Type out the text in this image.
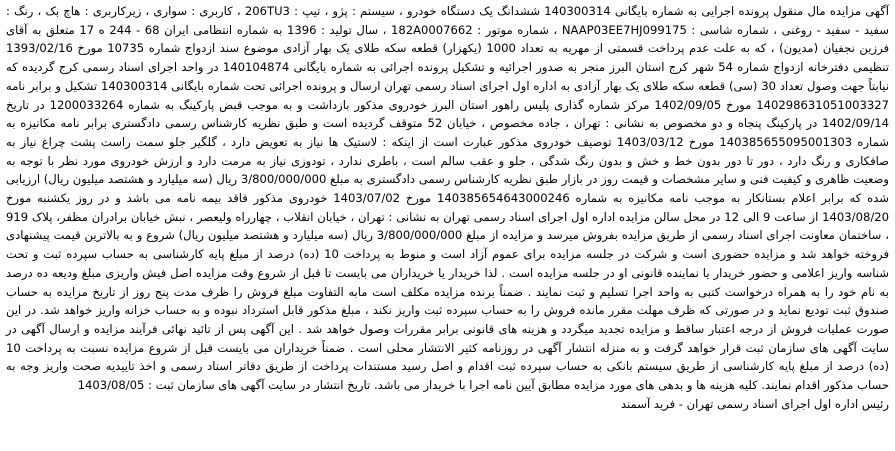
آگهی مزایده مال منقول پرونده اجرایی به شماره بایگانی 140300314 ششدانگ یک دستگاه خودرو ، سیستم : پژو ، تیپ : 206TU3 ، کاربری : سواری ، زیرکاربری : هاچ بک ، رنگ : سفید - سفید - روغنی ، شماره شاسی : NAAP03EE7HJ099175 ، شماره موتور : 182A0007662 ، سال تولید : 1396 به شماره انتظامی ایران 68 - 244 ه 17 متعلق به آقای فرزین نجفیان (مدیون) ، که به علت عدم پرداخت قسمتی از مهریه به تعداد 1000 (یکهزار) قطعه سکه طلای یک بهار آزادی موضوع سند ازدواج شماره 10735 مورخ 1393/02/16 تنظیمی دفترخانه ازدواج شماره 54 شهر کرج استان البرز منجر به صدور اجرائیه و تشکیل پرونده اجرائی به شماره بایگانی 140104874 در واحد اجرای اسناد رسمی کرج گردیده که نیابتاً جهت وصول تعداد 30 (سی) قطعه سکه طلای یک بهار آزادی به اداره اول اجرای اسناد رسمی تهران ارسال و پرونده اجرائی تحت شماره بایگانی 140300314 تشکیل و برابر نامه 140298631051003327 مورخ 1402/09/05 مرکز شماره گذاری پلیس راهور استان البرز خودروی مذکور بازداشت و به موجب قبض پارکینگ به شماره 1200033264 در تاریخ 1402/09/14 در پارکینگ پنجاه و دو مخصوص به نشانی : تهران ، جاده مخصوص ، خیابان 52 متوقف گردیده است و طبق نظریه کارشناس رسمی دادگستری برابر نامه مکانیزه به شماره 140385655095001303 مورخ 1403/03/12 توصیف خودروی مذکور عبارت است از اینکه : لاستیک ها نیاز به تعویض دارد ، گلگیر جلو سمت راست پشت چراغ نیاز به صافکاری و رنگ دارد ، دور تا دور بدون خط و خش و بدون رنگ شدگی ، جلو و عقب سالم است ، باطری ندارد ، تودوزی نیاز به مرمت دارد و ارزش خودروی مورد نظر با توجه به وضعیت ظاهری و کیفیت فنی و سایر مشخصات و قیمت روز در بازار طبق نظریه کارشناس رسمی دادگستری به مبلغ 3/800/000/000 ریال (سه میلیارد و هشتصد میلیون ریال) ارزیابی شده که برابر اعلام بستانکار به موجب نامه مکانیزه به شماره 140385654643000246 مورخ 1403/07/02 خودروی مذکور فاقد بیمه نامه می باشد و در روز یکشنبه مورخ 1403/08/20 از ساعت 9 الی 12 در محل سالن مزایده اداره اول اجرای اسناد رسمی تهران به نشانی : تهران ، خیابان انقلاب ، چهارراه ولیعصر ، نبش خیابان برادران مظفر، پلاک 919 ، ساختمان معاونت اجرای اسناد رسمی از طریق مزایده بفروش میرسد و مزایده از مبلغ 3/800/000/000 ریال (سه میلیارد و هشتصد میلیون ریال) شروع و به بالاترین قیمت پیشنهادی فروخته خواهد شد و مزایده حضوری است و شرکت در جلسه مزایده برای عموم آزاد است و منوط به پرداخت 10 (ده) درصد از مبلغ پایه کارشناسی به حساب سپرده ثبت و تحت شناسه واریز اعلامی و حضور خریدار یا نماینده قانونی او در جلسه مزایده است . لذا خریدار یا خریداران می بایست تا قبل از شروع وقت مزایده اصل فیش واریزی مبلغ ودیعه ده درصد به نام خود را به همراه درخواست کتبی به واحد اجرا تسلیم و ثبت نمایند . ضمناً برنده مزایده مکلف است مابه التفاوت مبلغ فروش را ظرف مدت پنج روز از تاریخ مزایده به حساب صندوق ثبت تودیع نماید و در صورتی که ظرف مهلت مقرر مانده فروش را به حساب سپرده ثبت واریز نکند ، مبلغ مذکور قابل استرداد نبوده و به حساب خزانه واریز خواهد شد. در این صورت عملیات فروش از درجه اعتبار ساقط و مزایده تجدید میگردد و هزینه های قانونی برابر مقررات وصول خواهد شد . این آگهی پس از تائید نهائی فرآیند مزایده و ارسال آگهی در سایت آگهی های سازمان ثبت قرار خواهد گرفت و به منزله انتشار آگهی در روزنامه کثیر الانتشار محلی است . ضمناً خریداران می بایست قبل از شروع مزایده نسبت به پرداخت 10 (ده) درصد از مبلغ پایه کارشناسی از طریق سیستم بانکی به حساب سپرده ثبت اقدام و اصل رسید مستندات پرداخت از طریق دفاتر اسناد رسمی و اخذ تاییدیه صحت واریز وجه به حساب مذکور اقدام نمایند. کلیه هزینه ها و بدهی های مورد مزایده مطابق آیین نامه اجرا با خریدار می باشد. تاریخ انتشار در سایت آگهی های سازمان ثبت : 1403/08/05

رئیس اداره اول اجرای اسناد رسمی تهران - فرید آسمند
